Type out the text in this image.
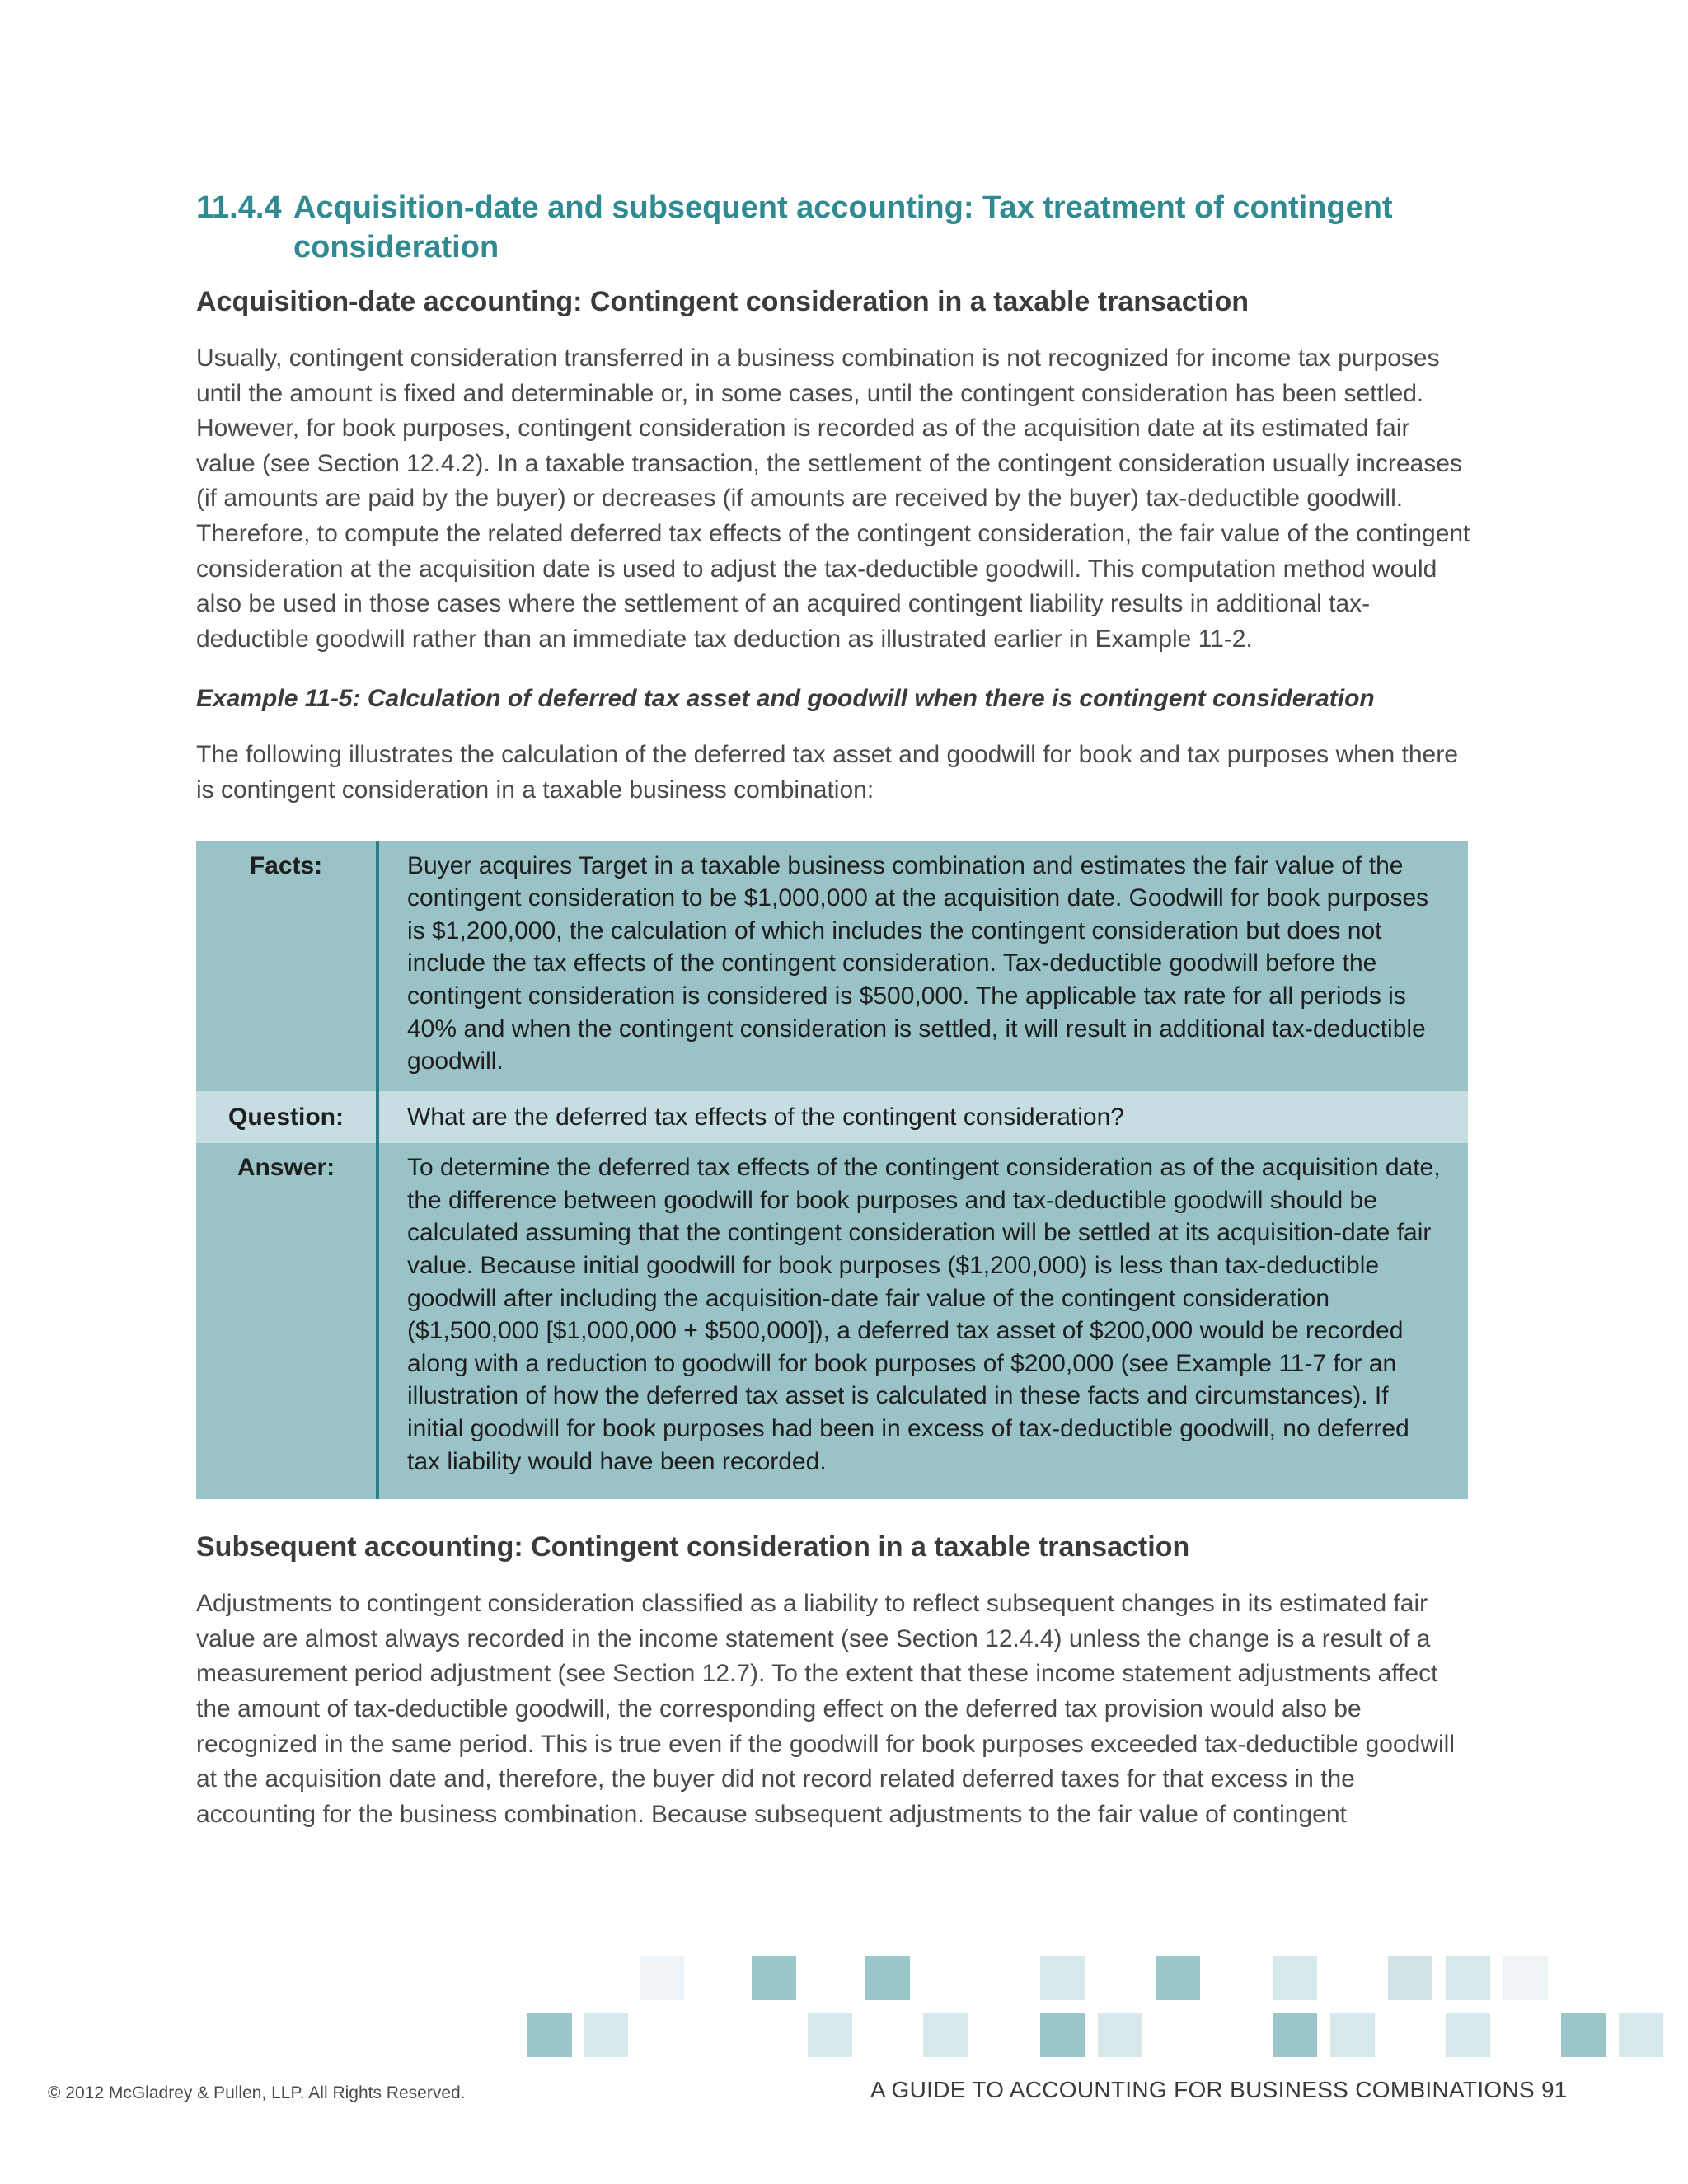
11.4.4 Acquisition-date and subsequent accounting: Tax treatment of contingent consideration
Acquisition-date accounting: Contingent consideration in a taxable transaction

Usually, contingent consideration transferred in a business combination is not recognized for income tax purposes until the amount is fixed and determinable or, in some cases, until the contingent consideration has been settled. However, for book purposes, contingent consideration is recorded as of the acquisition date at its estimated fair value (see Section 12.4.2). In a taxable transaction, the settlement of the contingent consideration usually increases (if amounts are paid by the buyer) or decreases (if amounts are received by the buyer) tax-deductible goodwill. Therefore, to compute the related deferred tax effects of the contingent consideration, the fair value of the contingent consideration at the acquisition date is used to adjust the tax-deductible goodwill. This computation method would also be used in those cases where the settlement of an acquired contingent liability results in additional tax-deductible goodwill rather than an immediate tax deduction as illustrated earlier in Example 11-2.

Example 11-5: Calculation of deferred tax asset and goodwill when there is contingent consideration

The following illustrates the calculation of the deferred tax asset and goodwill for book and tax purposes when there is contingent consideration in a taxable business combination:

Facts:	Buyer acquires Target in a taxable business combination and estimates the fair value of the contingent consideration to be $1,000,000 at the acquisition date. Goodwill for book purposes is $1,200,000, the calculation of which includes the contingent consideration but does not include the tax effects of the contingent consideration. Tax-deductible goodwill before the contingent consideration is considered is $500,000. The applicable tax rate for all periods is 40% and when the contingent consideration is settled, it will result in additional tax-deductible goodwill.
Question:	What are the deferred tax effects of the contingent consideration?
Answer:	To determine the deferred tax effects of the contingent consideration as of the acquisition date, the difference between goodwill for book purposes and tax-deductible goodwill should be calculated assuming that the contingent consideration will be settled at its acquisition-date fair value. Because initial goodwill for book purposes ($1,200,000) is less than tax-deductible goodwill after including the acquisition-date fair value of the contingent consideration ($1,500,000 [$1,000,000 + $500,000]), a deferred tax asset of $200,000 would be recorded along with a reduction to goodwill for book purposes of $200,000 (see Example 11-7 for an illustration of how the deferred tax asset is calculated in these facts and circumstances). If initial goodwill for book purposes had been in excess of tax-deductible goodwill, no deferred tax liability would have been recorded.
Subsequent accounting: Contingent consideration in a taxable transaction

Adjustments to contingent consideration classified as a liability to reflect subsequent changes in its estimated fair value are almost always recorded in the income statement (see Section 12.4.4) unless the change is a result of a measurement period adjustment (see Section 12.7). To the extent that these income statement adjustments affect the amount of tax-deductible goodwill, the corresponding effect on the deferred tax provision would also be recognized in the same period. This is true even if the goodwill for book purposes exceeded tax-deductible goodwill at the acquisition date and, therefore, the buyer did not record related deferred taxes for that excess in the accounting for the business combination. Because subsequent adjustments to the fair value of contingent

© 2012 McGladrey & Pullen, LLP. All Rights Reserved.	A GUIDE TO ACCOUNTING FOR BUSINESS COMBINATIONS 91
